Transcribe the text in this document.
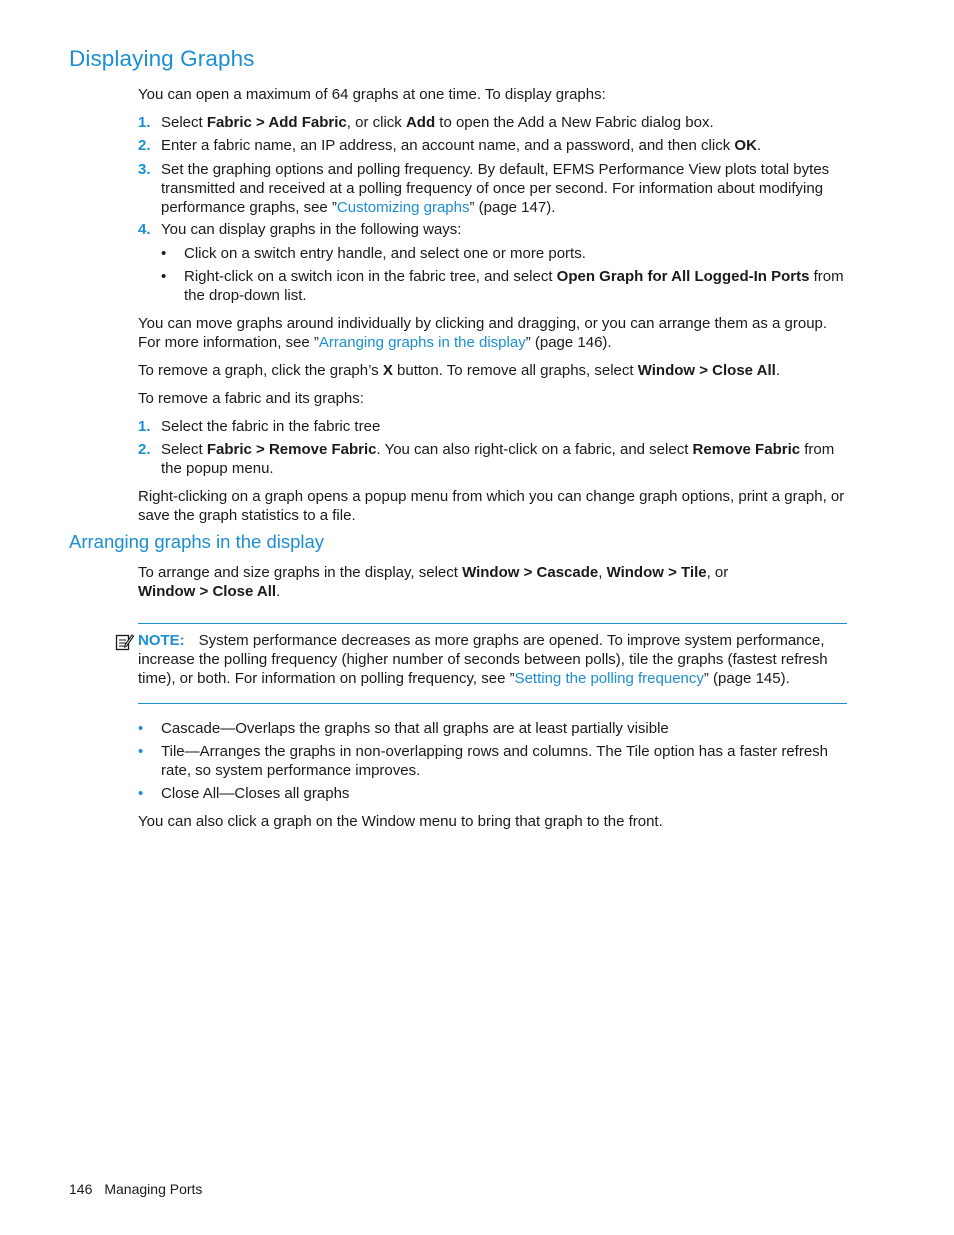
Displaying Graphs

You can open a maximum of 64 graphs at one time. To display graphs:

1. Select Fabric > Add Fabric, or click Add to open the Add a New Fabric dialog box.
2. Enter a fabric name, an IP address, an account name, and a password, and then click OK.
3. Set the graphing options and polling frequency. By default, EFMS Performance View plots total bytes transmitted and received at a polling frequency of once per second. For information about modifying performance graphs, see ”Customizing graphs” (page 147).
4. You can display graphs in the following ways:
• Click on a switch entry handle, and select one or more ports.
• Right-click on a switch icon in the fabric tree, and select Open Graph for All Logged-In Ports from the drop-down list.

You can move graphs around individually by clicking and dragging, or you can arrange them as a group. For more information, see ”Arranging graphs in the display” (page 146).

To remove a graph, click the graph’s X button. To remove all graphs, select Window > Close All.

To remove a fabric and its graphs:

1. Select the fabric in the fabric tree
2. Select Fabric > Remove Fabric. You can also right-click on a fabric, and select Remove Fabric from the popup menu.

Right-clicking on a graph opens a popup menu from which you can change graph options, print a graph, or save the graph statistics to a file.

Arranging graphs in the display

To arrange and size graphs in the display, select Window > Cascade, Window > Tile, or
Window > Close All.

NOTE: System performance decreases as more graphs are opened. To improve system performance, increase the polling frequency (higher number of seconds between polls), tile the graphs (fastest refresh time), or both. For information on polling frequency, see ”Setting the polling frequency” (page 145).
• Cascade—Overlaps the graphs so that all graphs are at least partially visible
• Tile—Arranges the graphs in non-overlapping rows and columns. The Tile option has a faster refresh rate, so system performance improves.
• Close All—Closes all graphs

You can also click a graph on the Window menu to bring that graph to the front.

146 Managing Ports
